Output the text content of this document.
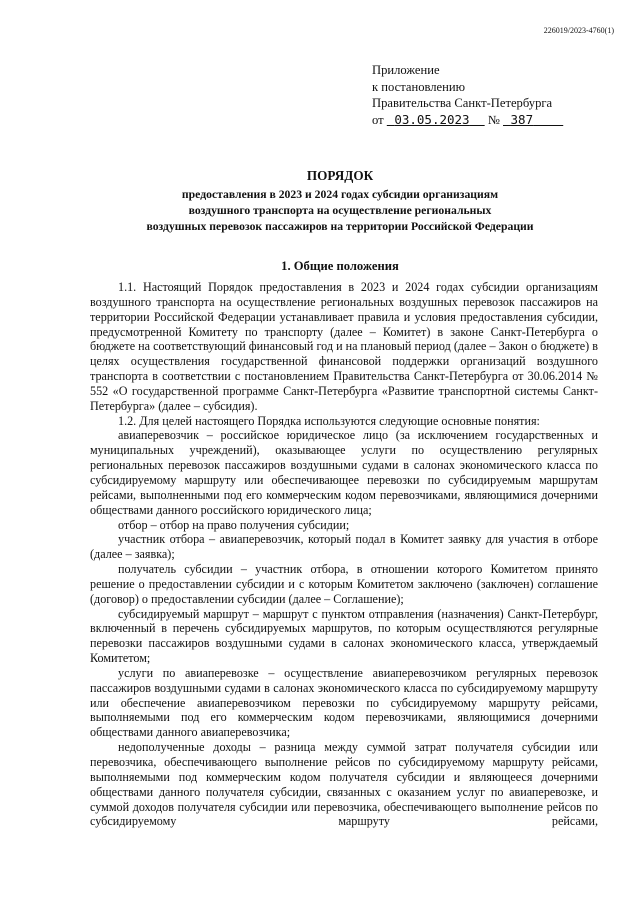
226019/2023-4760(1)
Приложение
к постановлению
Правительства Санкт-Петербурга
от 03.05.2023 № 387
ПОРЯДОК
предоставления в 2023 и 2024 годах субсидии организациям
воздушного транспорта на осуществление региональных
воздушных перевозок пассажиров на территории Российской Федерации
1. Общие положения

1.1. Настоящий Порядок предоставления в 2023 и 2024 годах субсидии организациям воздушного транспорта на осуществление региональных воздушных перевозок пассажиров на территории Российской Федерации устанавливает правила и условия предоставления субсидии, предусмотренной Комитету по транспорту (далее – Комитет) в законе Санкт-Петербурга о бюджете на соответствующий финансовый год и на плановый период (далее – Закон о бюджете) в целях осуществления государственной финансовой поддержки организаций воздушного транспорта в соответствии с постановлением Правительства Санкт-Петербурга от 30.06.2014 № 552 «О государственной программе Санкт-Петербурга «Развитие транспортной системы Санкт-Петербурга» (далее – субсидия).

1.2. Для целей настоящего Порядка используются следующие основные понятия:

авиаперевозчик – российское юридическое лицо (за исключением государственных и муниципальных учреждений), оказывающее услуги по осуществлению регулярных региональных перевозок пассажиров воздушными судами в салонах экономического класса по субсидируемому маршруту или обеспечивающее перевозки по субсидируемым маршрутам рейсами, выполненными под его коммерческим кодом перевозчиками, являющимися дочерними обществами данного российского юридического лица;

отбор – отбор на право получения субсидии;

участник отбора – авиаперевозчик, который подал в Комитет заявку для участия в отборе (далее – заявка);

получатель субсидии – участник отбора, в отношении которого Комитетом принято решение о предоставлении субсидии и с которым Комитетом заключено (заключен) соглашение (договор) о предоставлении субсидии (далее – Соглашение);

субсидируемый маршрут – маршрут с пунктом отправления (назначения) Санкт-Петербург, включенный в перечень субсидируемых маршрутов, по которым осуществляются регулярные перевозки пассажиров воздушными судами в салонах экономического класса, утверждаемый Комитетом;

услуги по авиаперевозке – осуществление авиаперевозчиком регулярных перевозок пассажиров воздушными судами в салонах экономического класса по субсидируемому маршруту или обеспечение авиаперевозчиком перевозки по субсидируемому маршруту рейсами, выполняемыми под его коммерческим кодом перевозчиками, являющимися дочерними обществами данного авиаперевозчика;

недополученные доходы – разница между суммой затрат получателя субсидии или перевозчика, обеспечивающего выполнение рейсов по субсидируемому маршруту рейсами, выполняемыми под коммерческим кодом получателя субсидии и являющееся дочерними обществами данного получателя субсидии, связанных с оказанием услуг по авиаперевозке, и суммой доходов получателя субсидии или перевозчика, обеспечивающего выполнение рейсов по субсидируемому маршруту рейсами,
